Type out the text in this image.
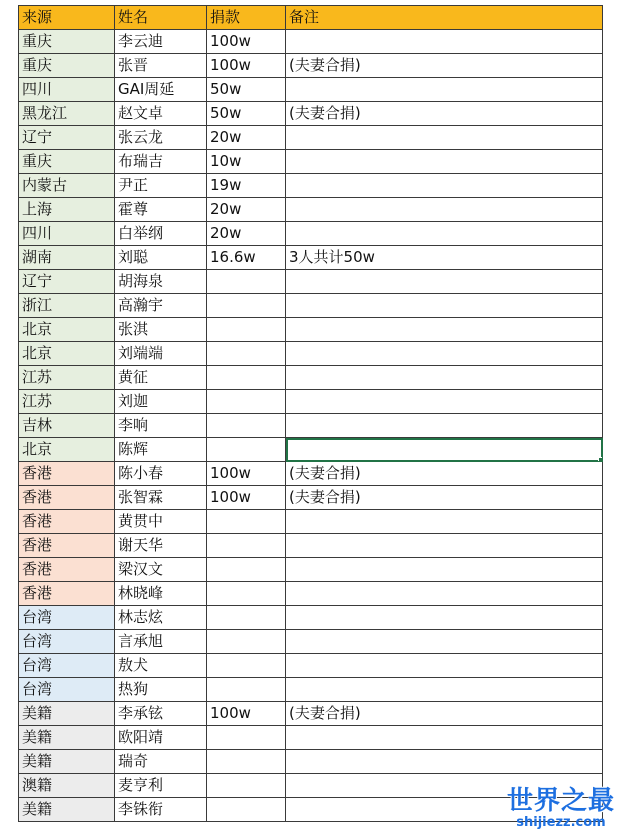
来源	姓名	捐款	备注
重庆	李云迪	100w	
重庆	张晋	100w	(夫妻合捐)
四川	GAI周延	50w	
黑龙江	赵文卓	50w	(夫妻合捐)
辽宁	张云龙	20w	
重庆	布瑞吉	10w	
内蒙古	尹正	19w	
上海	霍尊	20w	
四川	白举纲	20w	
湖南	刘聪	16.6w	3人共计50w
辽宁	胡海泉		
浙江	高瀚宇		
北京	张淇		
北京	刘端端		
江苏	黄征		
江苏	刘迦		
吉林	李响		
北京	陈辉		
香港	陈小春	100w	(夫妻合捐)
香港	张智霖	100w	(夫妻合捐)
香港	黄贯中		
香港	谢天华		
香港	梁汉文		
香港	林晓峰		
台湾	林志炫		
台湾	言承旭		
台湾	敖犬		
台湾	热狗		
美籍	李承铉	100w	(夫妻合捐)
美籍	欧阳靖		
美籍	瑞奇		
澳籍	麦亨利		
美籍	李铢衔			世界之最
shijiezz.com
